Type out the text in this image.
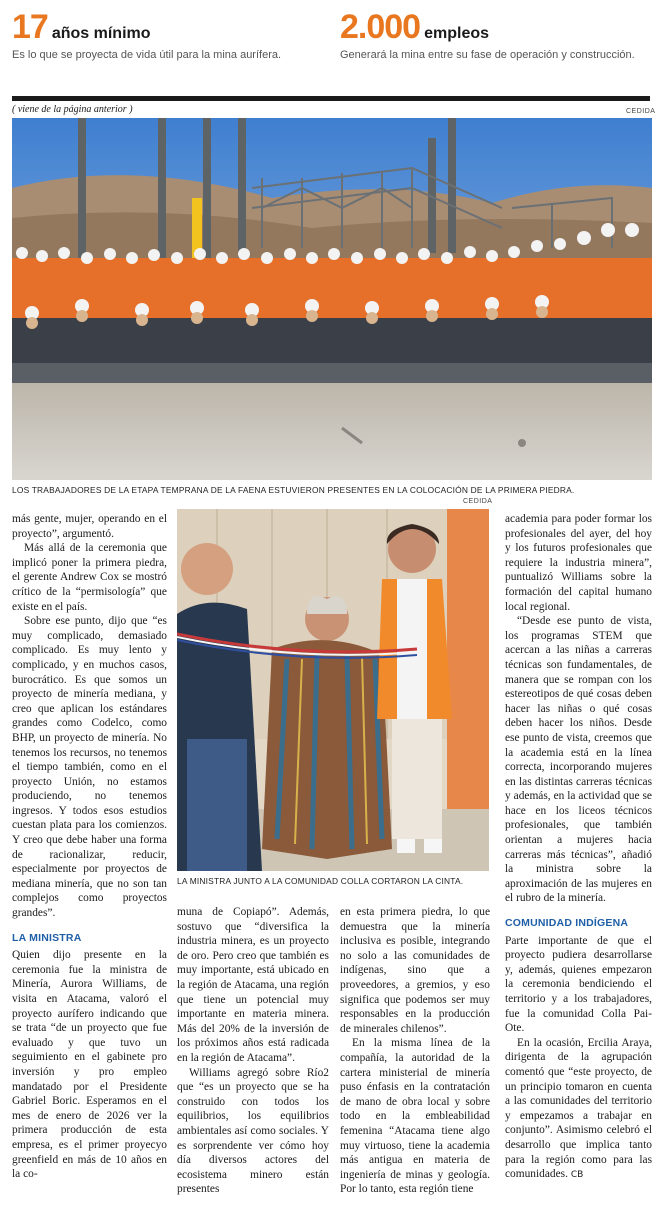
17 años mínimo
Es lo que se proyecta de vida útil para la mina aurífera.
2.000 empleos
Generará la mina entre su fase de operación y construcción.
( viene de la página anterior )	CEDIDA
LOS TRABAJADORES DE LA ETAPA TEMPRANA DE LA FAENA ESTUVIERON PRESENTES EN LA COLOCACIÓN DE LA PRIMERA PIEDRA.
CEDIDA
LA MINISTRA JUNTO A LA COMUNIDAD COLLA CORTARON LA CINTA.

más gente, mujer, operando en el proyecto”, argumentó.

Más allá de la ceremonia que implicó poner la primera piedra, el gerente Andrew Cox se mostró crítico de la “permisología” que existe en el país.

Sobre ese punto, dijo que “es muy complicado, demasiado complicado. Es muy lento y complicado, y en muchos casos, burocrático. Es que somos un proyecto de minería mediana, y creo que aplican los estándares grandes como Codelco, como BHP, un proyecto de minería. No tenemos los recursos, no tenemos el tiempo también, como en el proyecto Unión, no estamos produciendo, no tenemos ingresos. Y todos esos estudios cuestan plata para los comienzos. Y creo que debe haber una forma de racionalizar, reducir, especialmente por proyectos de mediana minería, que no son tan complejos como proyectos grandes”.

LA MINISTRA

Quien dijo presente en la ceremonia fue la ministra de Minería, Aurora Williams, de visita en Atacama, valoró el proyecto aurífero indicando que se trata “de un proyecto que fue evaluado y que tuvo un seguimiento en el gabinete pro inversión y pro empleo mandatado por el Presidente Gabriel Boric. Esperamos en el mes de enero de 2026 ver la primera producción de esta empresa, es el primer proyecyo greenfield en más de 10 años en la co-

muna de Copiapó”. Además, sostuvo que “diversifica la industria minera, es un proyecto de oro. Pero creo que también es muy importante, está ubicado en la región de Atacama, una región que tiene un potencial muy importante en materia minera. Más del 20% de la inversión de los próximos años está radicada en la región de Atacama”.

Williams agregó sobre Río2 que “es un proyecto que se ha construido con todos los equilibrios, los equilibrios ambientales así como sociales. Y es sorprendente ver cómo hoy día diversos actores del ecosistema minero están presentes

en esta primera piedra, lo que demuestra que la minería inclusiva es posible, integrando no solo a las comunidades de indígenas, sino que a proveedores, a gremios, y eso significa que podemos ser muy responsables en la producción de minerales chilenos”.

En la misma línea de la compañía, la autoridad de la cartera ministerial de minería puso énfasis en la contratación de mano de obra local y sobre todo en la embleabilidad femenina “Atacama tiene algo muy virtuoso, tiene la academia más antigua en materia de ingeniería de minas y geología. Por lo tanto, esta región tiene

academia para poder formar los profesionales del ayer, del hoy y los futuros profesionales que requiere la industria minera”, puntualizó Williams sobre la formación del capital humano local regional.

“Desde ese punto de vista, los programas STEM que acercan a las niñas a carreras técnicas son fundamentales, de manera que se rompan con los estereotipos de qué cosas deben hacer las niñas o qué cosas deben hacer los niños. Desde ese punto de vista, creemos que la academia está en la línea correcta, incorporando mujeres en las distintas carreras técnicas y además, en la actividad que se hace en los liceos técnicos profesionales, que también orientan a mujeres hacia carreras más técnicas”, añadió la ministra sobre la aproximación de las mujeres en el rubro de la minería.

COMUNIDAD INDÍGENA

Parte importante de que el proyecto pudiera desarrollarse y, además, quienes empezaron la ceremonia bendiciendo el territorio y a los trabajadores, fue la comunidad Colla Pai-Ote.

En la ocasión, Ercilia Araya, dirigenta de la agrupación comentó que “este proyecto, de un principio tomaron en cuenta a las comunidades del territorio y empezamos a trabajar en conjunto”. Asimismo celebró el desarrollo que implica tanto para la región como para las comunidades. CB
